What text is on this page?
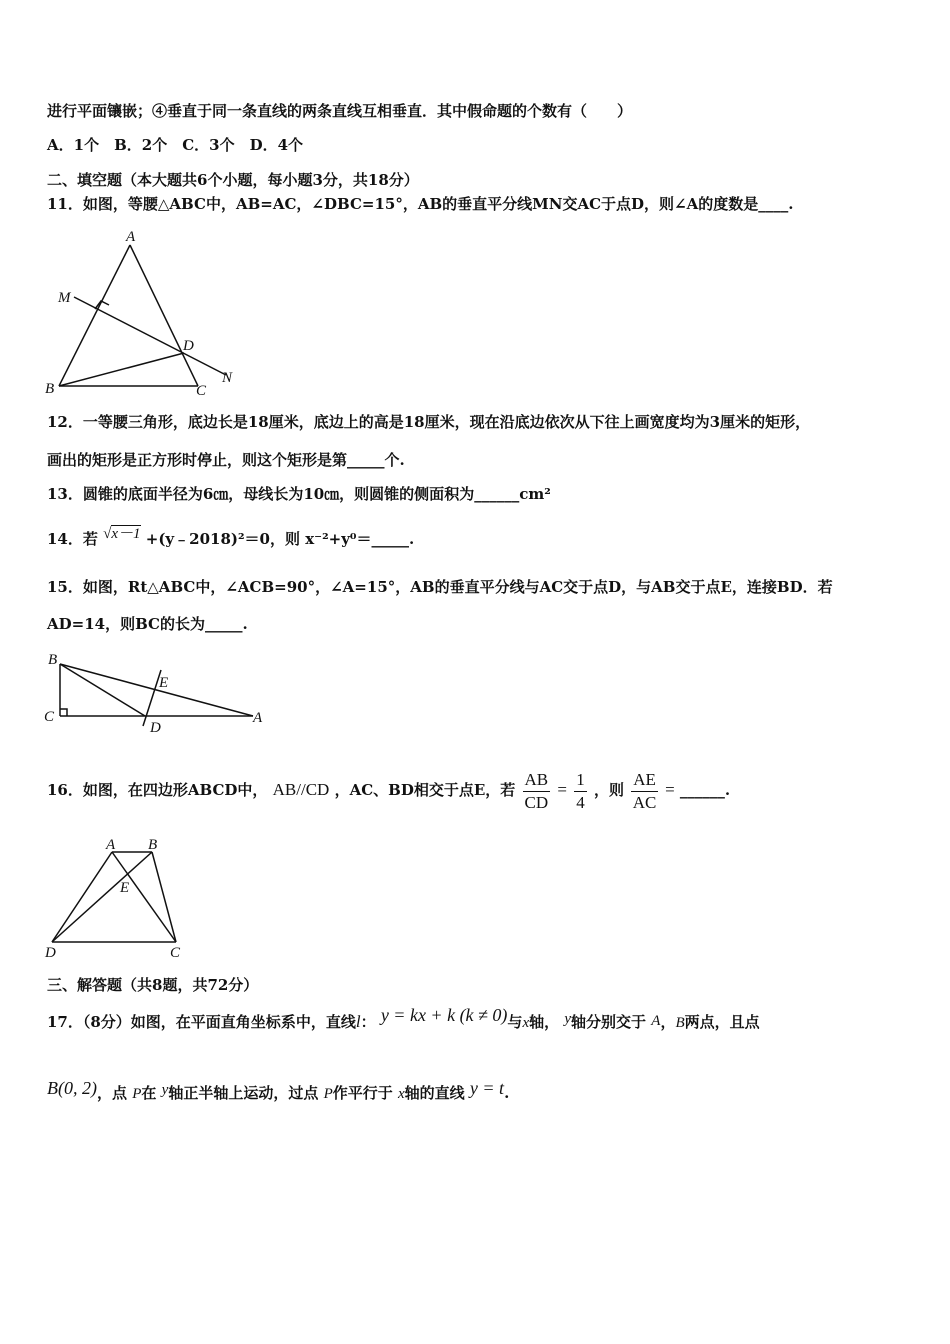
进行平面镶嵌；④垂直于同一条直线的两条直线互相垂直．其中假命题的个数有（　　）
A．1个　B．2个　C．3个　D．4个
二、填空题（本大题共6个小题，每小题3分，共18分）
11．如图，等腰△ABC中，AB=AC，∠DBC=15°，AB的垂直平分线MN交AC于点D，则∠A的度数是____.
A
M
D
B	C
N
12．一等腰三角形，底边长是18厘米，底边上的高是18厘米，现在沿底边依次从下往上画宽度均为3厘米的矩形，
画出的矩形是正方形时停止，则这个矩形是第_____个.
13．圆锥的底面半径为6㎝，母线长为10㎝，则圆锥的侧面积为______cm²
14．若 √x－1 +(y﹣2018)²＝0，则 x⁻²+y⁰＝_____.
15．如图，Rt△ABC中，∠ACB=90°，∠A=15°，AB的垂直平分线与AC交于点D，与AB交于点E，连接BD．若
AD=14，则BC的长为_____.
B
E
C
D
A
16．如图，在四边形ABCD中， AB//CD ，AC、BD相交于点E，若 $\frac{AB}{CD} = \frac{1}{4}$ ，则 $\frac{AE}{AC}$ = ______.
A B
E
D	C
三、解答题（共8题，共72分）
17．（8分）如图，在平面直角坐标系中，直线l： y = kx + k (k ≠ 0)与x轴， y轴分别交于 A，B两点，且点
B(0, 2)，点 P在 y轴正半轴上运动，过点 P作平行于 x轴的直线 y = t.
